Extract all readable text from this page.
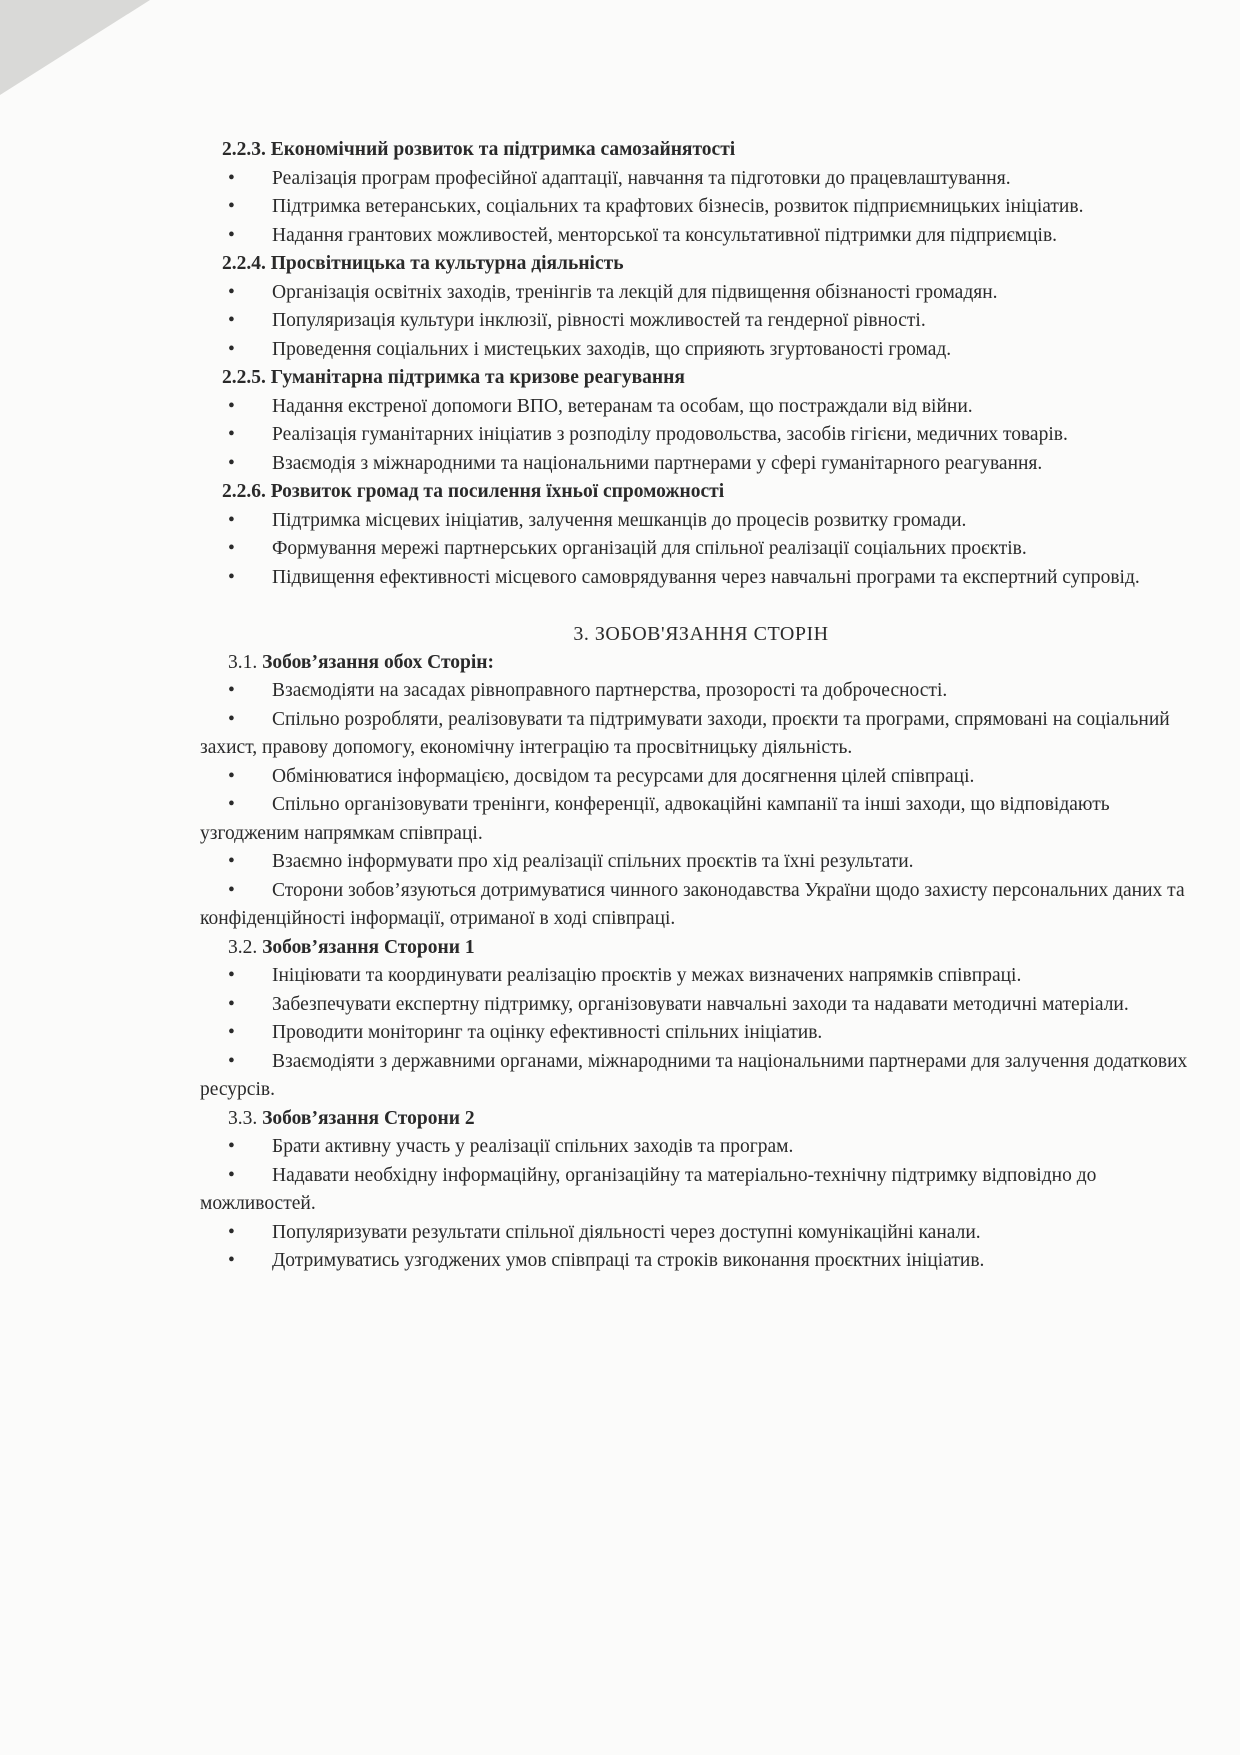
2.2.3. Економічний розвиток та підтримка самозайнятості

• Реалізація програм професійної адаптації, навчання та підготовки до працевлаштування.

• Підтримка ветеранських, соціальних та крафтових бізнесів, розвиток підприємницьких ініціатив.

• Надання грантових можливостей, менторської та консультативної підтримки для підприємців.

2.2.4. Просвітницька та культурна діяльність

• Організація освітніх заходів, тренінгів та лекцій для підвищення обізнаності громадян.

• Популяризація культури інклюзії, рівності можливостей та гендерної рівності.

• Проведення соціальних і мистецьких заходів, що сприяють згуртованості громад.

2.2.5. Гуманітарна підтримка та кризове реагування

• Надання екстреної допомоги ВПО, ветеранам та особам, що постраждали від війни.

• Реалізація гуманітарних ініціатив з розподілу продовольства, засобів гігієни, медичних товарів.

• Взаємодія з міжнародними та національними партнерами у сфері гуманітарного реагування.

2.2.6. Розвиток громад та посилення їхньої спроможності

• Підтримка місцевих ініціатив, залучення мешканців до процесів розвитку громади.

• Формування мережі партнерських організацій для спільної реалізації соціальних проєктів.

• Підвищення ефективності місцевого самоврядування через навчальні програми та експертний супровід.

3. ЗОБОВ'ЯЗАННЯ СТОРІН

3.1. Зобов’язання обох Сторін:

• Взаємодіяти на засадах рівноправного партнерства, прозорості та доброчесності.

• Спільно розробляти, реалізовувати та підтримувати заходи, проєкти та програми, спрямовані на соціальний захист, правову допомогу, економічну інтеграцію та просвітницьку діяльність.

• Обмінюватися інформацією, досвідом та ресурсами для досягнення цілей співпраці.

• Спільно організовувати тренінги, конференції, адвокаційні кампанії та інші заходи, що відповідають узгодженим напрямкам співпраці.

• Взаємно інформувати про хід реалізації спільних проєктів та їхні результати.

• Сторони зобов’язуються дотримуватися чинного законодавства України щодо захисту персональних даних та конфіденційності інформації, отриманої в ході співпраці.

3.2. Зобов’язання Сторони 1

• Ініціювати та координувати реалізацію проєктів у межах визначених напрямків співпраці.

• Забезпечувати експертну підтримку, організовувати навчальні заходи та надавати методичні матеріали.

• Проводити моніторинг та оцінку ефективності спільних ініціатив.

• Взаємодіяти з державними органами, міжнародними та національними партнерами для залучення додаткових ресурсів.

3.3. Зобов’язання Сторони 2

• Брати активну участь у реалізації спільних заходів та програм.

• Надавати необхідну інформаційну, організаційну та матеріально-технічну підтримку відповідно до можливостей.

• Популяризувати результати спільної діяльності через доступні комунікаційні канали.

• Дотримуватись узгоджених умов співпраці та строків виконання проєктних ініціатив.
